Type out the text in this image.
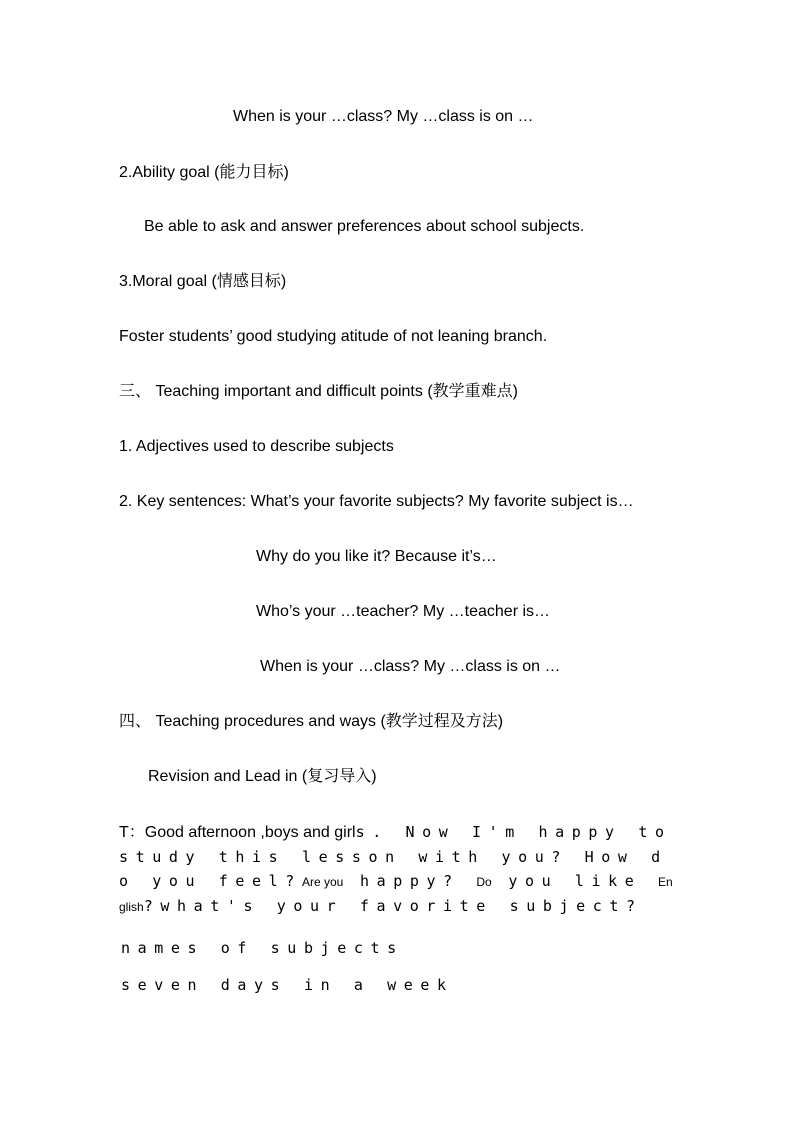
When is your …class? My …class is on …
2.Ability goal (能力目标)
Be able to ask and answer preferences about school subjects.
3.Moral goal (情感目标)
Foster students’ good studying atitude of not leaning branch.
三、 Teaching important and difficult points (教学重难点)
1. Adjectives used to describe subjects
2. Key sentences: What’s your favorite subjects? My favorite subject is…
Why do you like it? Because it’s…
Who’s your …teacher? My …teacher is…
When is your …class? My …class is on …
四、 Teaching procedures and ways (教学过程及方法)
Revision and Lead in (复习导入)
T：Good afternoon ,boys and girls. Now I'm happy to study this lesson with you? How do you feel?Are you happy? Do you like English?what's your favorite subject?
names of subjects
seven days in a week
